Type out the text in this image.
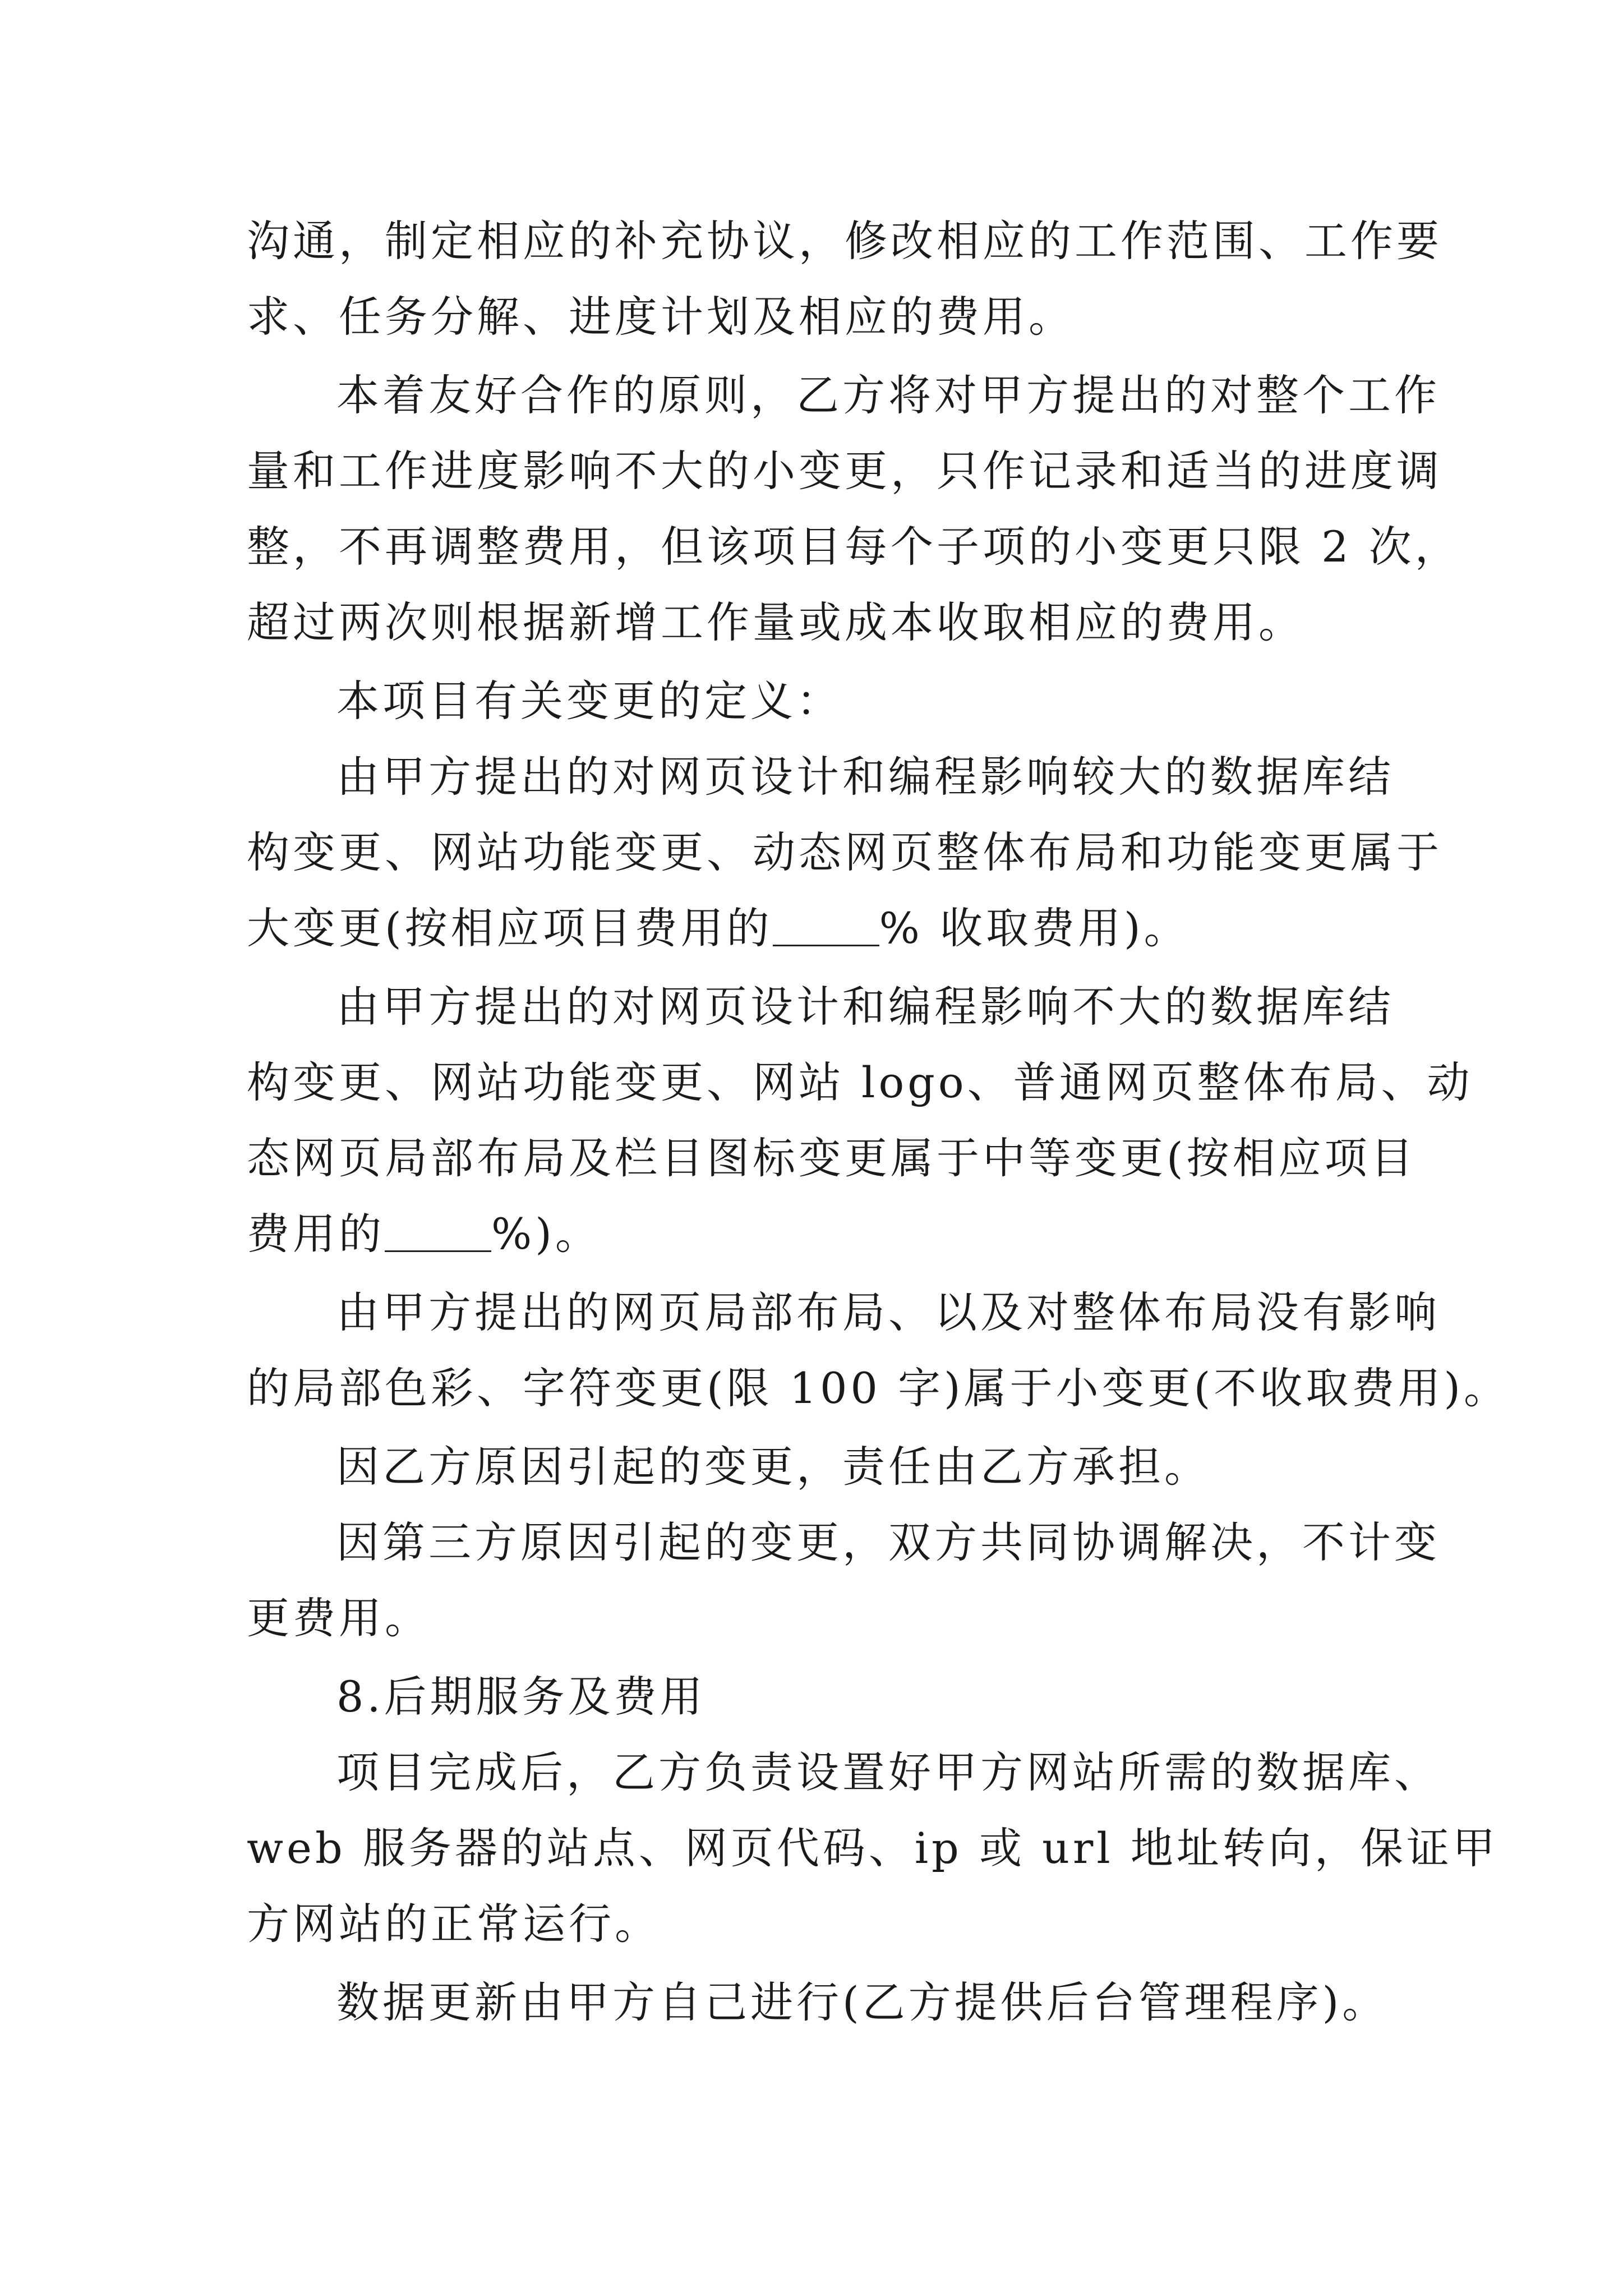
沟通，制定相应的补充协议，修改相应的工作范围、工作要
求、任务分解、进度计划及相应的费用。
本着友好合作的原则，乙方将对甲方提出的对整个工作
量和工作进度影响不大的小变更，只作记录和适当的进度调
整，不再调整费用，但该项目每个子项的小变更只限 2 次，
超过两次则根据新增工作量或成本收取相应的费用。
本项目有关变更的定义：
由甲方提出的对网页设计和编程影响较大的数据库结
构变更、网站功能变更、动态网页整体布局和功能变更属于
大变更(按相应项目费用的	% 收取费用)。
由甲方提出的对网页设计和编程影响不大的数据库结
构变更、网站功能变更、网站 logo、普通网页整体布局、动
态网页局部布局及栏目图标变更属于中等变更(按相应项目
费用的	%)。
由甲方提出的网页局部布局、以及对整体布局没有影响
的局部色彩、字符变更(限 100 字)属于小变更(不收取费用)。
因乙方原因引起的变更，责任由乙方承担。
因第三方原因引起的变更，双方共同协调解决，不计变
更费用。
8.后期服务及费用
项目完成后，乙方负责设置好甲方网站所需的数据库、
web 服务器的站点、网页代码、ip 或 url 地址转向，保证甲
方网站的正常运行。
数据更新由甲方自己进行(乙方提供后台管理程序)。
